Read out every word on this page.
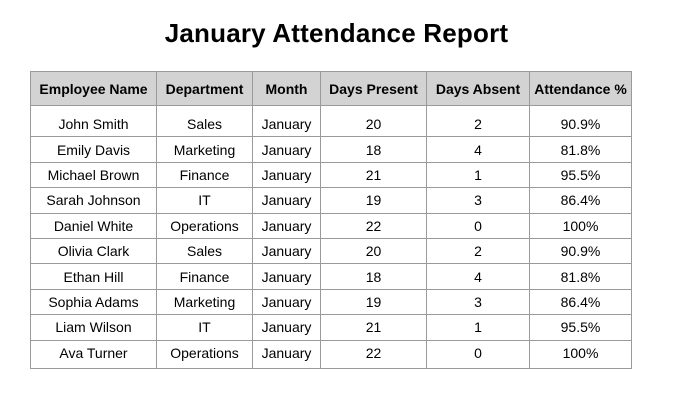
January Attendance Report
Employee Name	Department	Month	Days Present	Days Absent	Attendance %
John Smith	Sales	January	20	2	90.9%
Emily Davis	Marketing	January	18	4	81.8%
Michael Brown	Finance	January	21	1	95.5%
Sarah Johnson	IT	January	19	3	86.4%
Daniel White	Operations	January	22	0	100%
Olivia Clark	Sales	January	20	2	90.9%
Ethan Hill	Finance	January	18	4	81.8%
Sophia Adams	Marketing	January	19	3	86.4%
Liam Wilson	IT	January	21	1	95.5%
Ava Turner	Operations	January	22	0	100%
